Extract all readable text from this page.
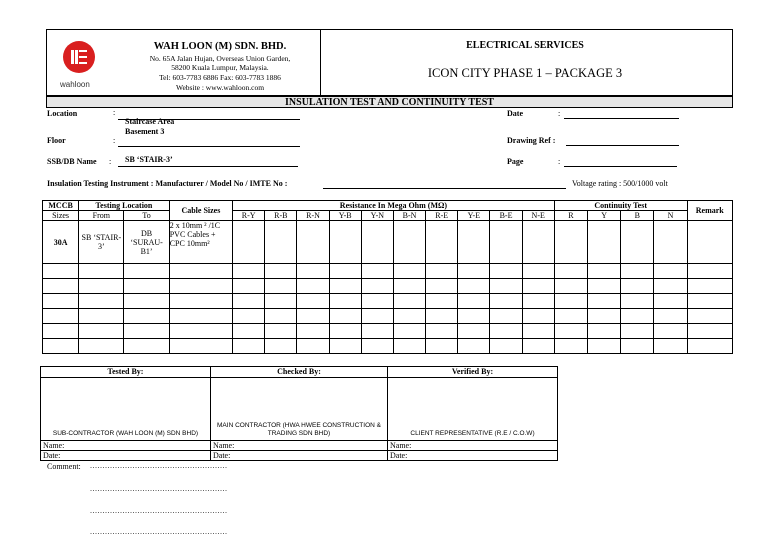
wahloon
WAH LOON (M) SDN. BHD.
No. 65A Jalan Hujan, Overseas Union Garden,
58200 Kuala Lumpur, Malaysia.
Tel: 603-7783 6886 Fax: 603-7783 1886
Website : www.wahloon.com
ELECTRICAL SERVICES
ICON CITY PHASE 1 – PACKAGE 3
INSULATION TEST AND CONTINUITY TEST
Location	:
Staircase Area
Basement 3
Floor	:
SSB/DB Name : SB ‘STAIR-3’
Date	:
Drawing Ref :
Page	:
Insulation Testing Instrument : Manufacturer / Model No / IMTE No :	Voltage rating : 500/1000 volt
MCCB	Testing Location		Cable Sizes	Resistance In Mega Ohm (MΩ)										Continuity Test				Remark
Sizes	From	To		R-Y	R-B	R-N	Y-B	Y-N	B-N	R-E	Y-E	B-E	N-E	R	Y	B	N	
30A	SB ‘STAIR-3’	DB ‘SURAU-B1’	2 x 10mm ² /1C PVC Cables + CPC 10mm²															

Tested By:	Checked By:	Verified By:
SUB-CONTRACTOR (WAH LOON (M) SDN BHD)	MAIN CONTRACTOR (HWA HWEE CONSTRUCTION & TRADING SDN BHD)	CLIENT REPRESENTATIVE (R.E / C.O.W)
Name:	Name:	Name:
Date:	Date:	Date:
Comment: .......................................................
.......................................................
.......................................................
.......................................................
